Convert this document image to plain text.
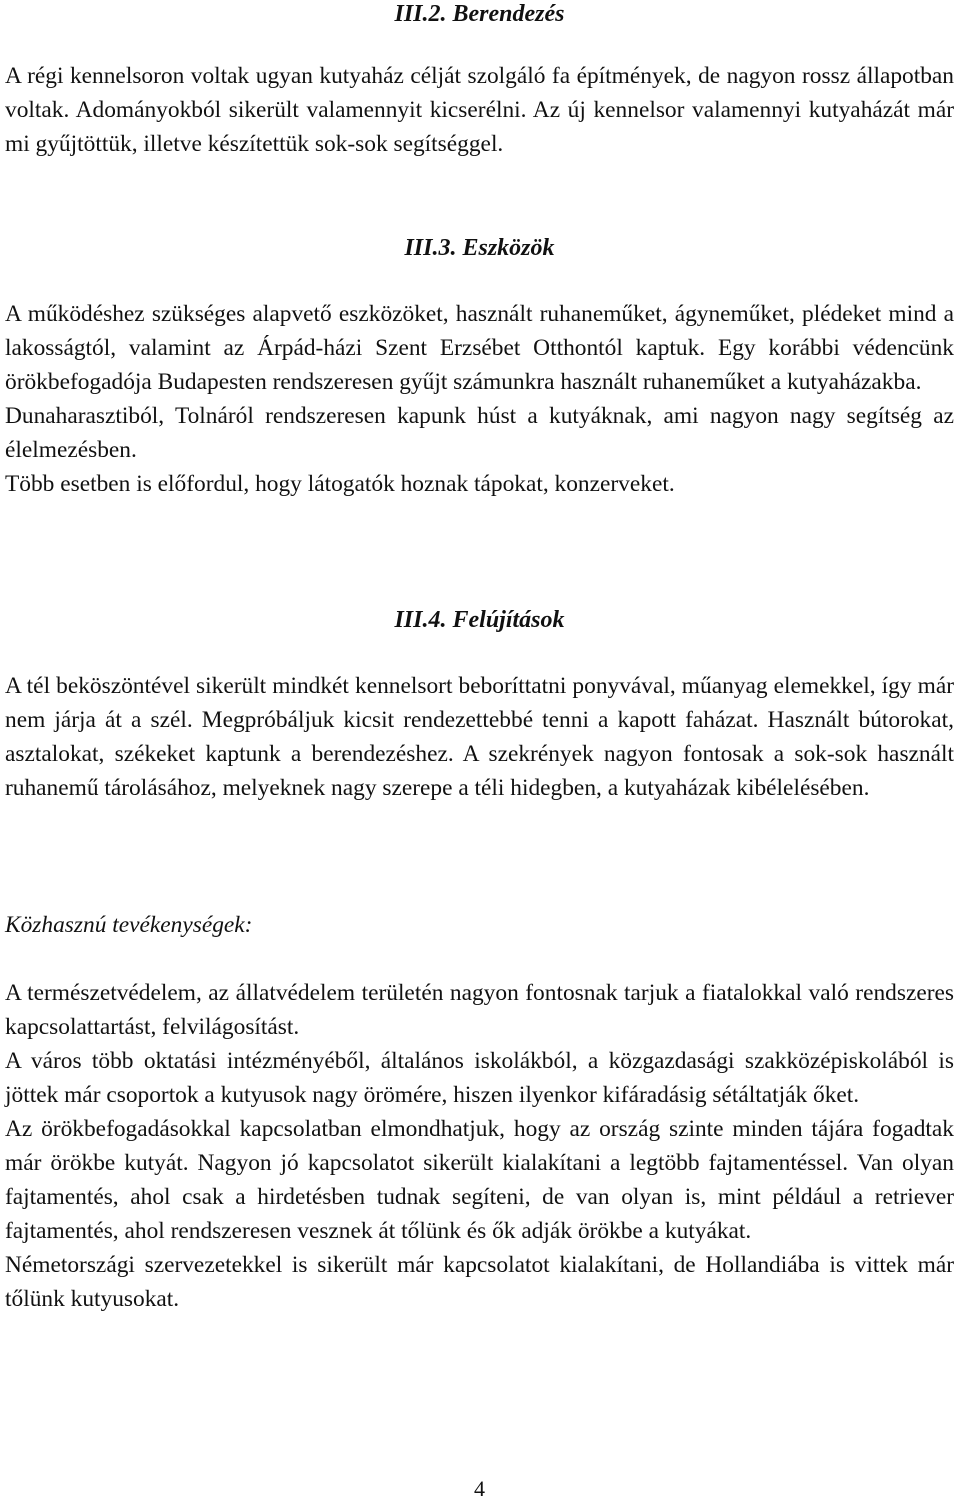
III.2. Berendezés

A régi kennelsoron voltak ugyan kutyaház célját szolgáló fa építmények, de nagyon rossz állapotban voltak. Adományokból sikerült valamennyit kicserélni. Az új kennelsor valamennyi kutyaházát már mi gyűjtöttük, illetve készítettük sok-sok segítséggel.

III.3. Eszközök

A működéshez szükséges alapvető eszközöket, használt ruhaneműket, ágyneműket, plédeket mind a lakosságtól, valamint az Árpád-házi Szent Erzsébet Otthontól kaptuk. Egy korábbi védencünk örökbefogadója Budapesten rendszeresen gyűjt számunkra használt ruhaneműket a kutyaházakba.

Dunaharasztiból, Tolnáról rendszeresen kapunk húst a kutyáknak, ami nagyon nagy segítség az élelmezésben.

Több esetben is előfordul, hogy látogatók hoznak tápokat, konzerveket.

III.4. Felújítások

A tél beköszöntével sikerült mindkét kennelsort beboríttatni ponyvával, műanyag elemekkel, így már nem járja át a szél. Megpróbáljuk kicsit rendezettebbé tenni a kapott faházat. Használt bútorokat, asztalokat, székeket kaptunk a berendezéshez. A szekrények nagyon fontosak a sok-sok használt ruhanemű tárolásához, melyeknek nagy szerepe a téli hidegben, a kutyaházak kibélelésében.

Közhasznú tevékenységek:

A természetvédelem, az állatvédelem területén nagyon fontosnak tarjuk a fiatalokkal való rendszeres kapcsolattartást, felvilágosítást.

A város több oktatási intézményéből, általános iskolákból, a közgazdasági szakközépiskolából is jöttek már csoportok a kutyusok nagy örömére, hiszen ilyenkor kifáradásig sétáltatják őket.

Az örökbefogadásokkal kapcsolatban elmondhatjuk, hogy az ország szinte minden tájára fogadtak már örökbe kutyát. Nagyon jó kapcsolatot sikerült kialakítani a legtöbb fajtamentéssel. Van olyan fajtamentés, ahol csak a hirdetésben tudnak segíteni, de van olyan is, mint például a retriever fajtamentés, ahol rendszeresen vesznek át tőlünk és ők adják örökbe a kutyákat.

Németországi szervezetekkel is sikerült már kapcsolatot kialakítani, de Hollandiába is vittek már tőlünk kutyusokat.

4
